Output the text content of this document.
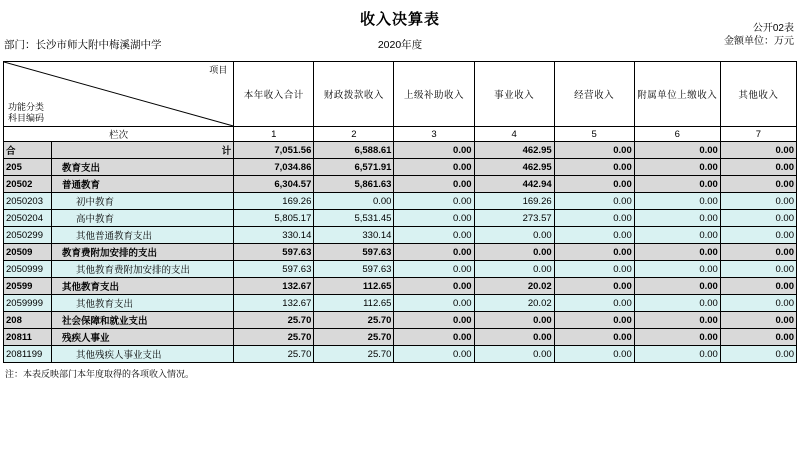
收入决算表
公开02表
金额单位：万元
部门：长沙市师大附中梅溪湖中学	2020年度
项目
功能分类
科目编码		本年收入合计	财政拨款收入	上级补助收入	事业收入	经营收入	附属单位上缴收入	其他收入
栏次		1	2	3	4	5	6	7
合	计	7,051.56	6,588.61	0.00	462.95	0.00	0.00	0.00
205	教育支出	7,034.86	6,571.91	0.00	462.95	0.00	0.00	0.00
20502	普通教育	6,304.57	5,861.63	0.00	442.94	0.00	0.00	0.00
2050203	初中教育	169.26	0.00	0.00	169.26	0.00	0.00	0.00
2050204	高中教育	5,805.17	5,531.45	0.00	273.57	0.00	0.00	0.00
2050299	其他普通教育支出	330.14	330.14	0.00	0.00	0.00	0.00	0.00
20509	教育费附加安排的支出	597.63	597.63	0.00	0.00	0.00	0.00	0.00
2050999	其他教育费附加安排的支出	597.63	597.63	0.00	0.00	0.00	0.00	0.00
20599	其他教育支出	132.67	112.65	0.00	20.02	0.00	0.00	0.00
2059999	其他教育支出	132.67	112.65	0.00	20.02	0.00	0.00	0.00
208	社会保障和就业支出	25.70	25.70	0.00	0.00	0.00	0.00	0.00
20811	残疾人事业	25.70	25.70	0.00	0.00	0.00	0.00	0.00
2081199	其他残疾人事业支出	25.70	25.70	0.00	0.00	0.00	0.00	0.00
注：本表反映部门本年度取得的各项收入情况。
